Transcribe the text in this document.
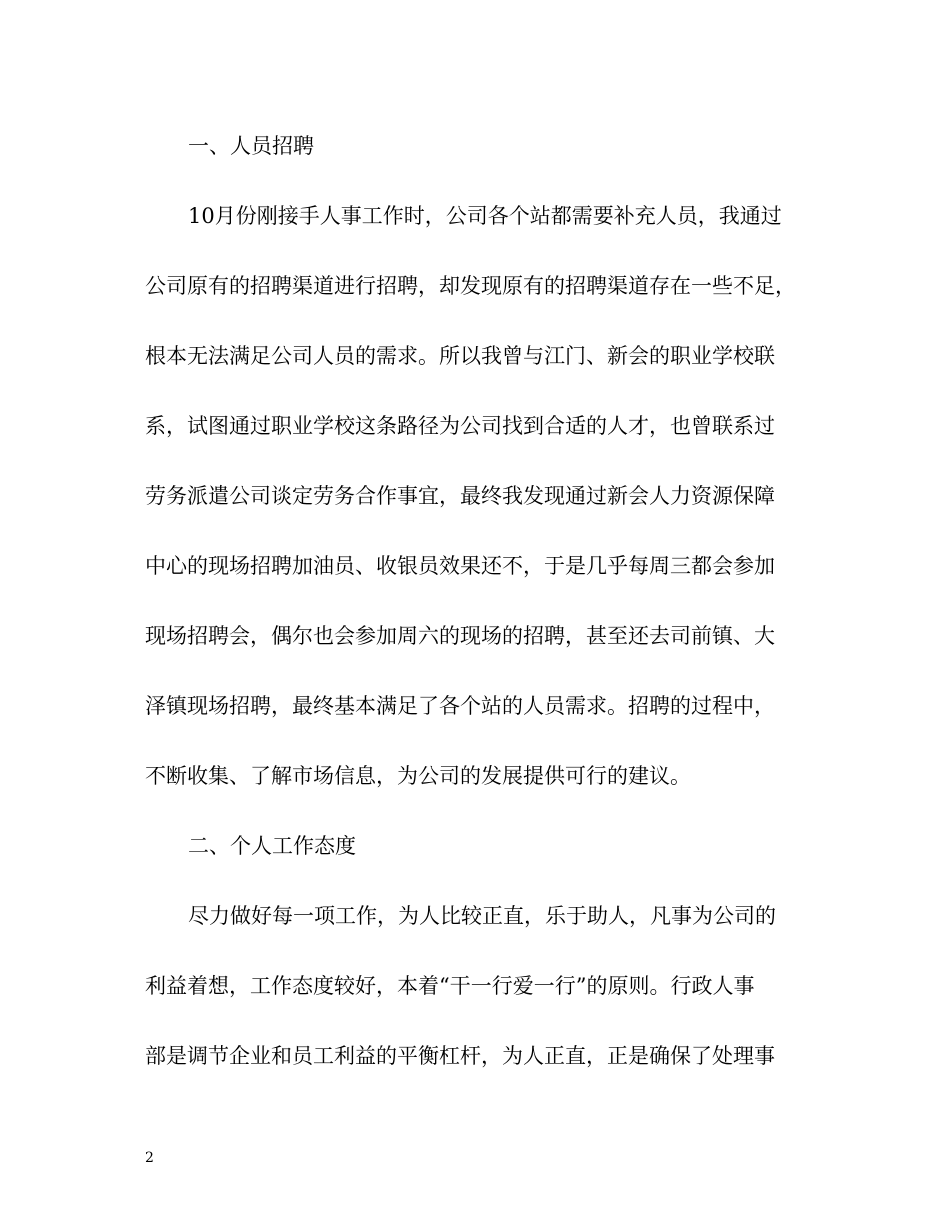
一、人员招聘
10月份刚接手人事工作时，公司各个站都需要补充人员，我通过
公司原有的招聘渠道进行招聘，却发现原有的招聘渠道存在一些不足，
根本无法满足公司人员的需求。所以我曾与江门、新会的职业学校联
系，试图通过职业学校这条路径为公司找到合适的人才，也曾联系过
劳务派遣公司谈定劳务合作事宜，最终我发现通过新会人力资源保障
中心的现场招聘加油员、收银员效果还不，于是几乎每周三都会参加
现场招聘会，偶尔也会参加周六的现场的招聘，甚至还去司前镇、大
泽镇现场招聘，最终基本满足了各个站的人员需求。招聘的过程中，
不断收集、了解市场信息，为公司的发展提供可行的建议。
二、个人工作态度
尽力做好每一项工作，为人比较正直，乐于助人，凡事为公司的
利益着想，工作态度较好，本着“干一行爱一行”的原则。行政人事
部是调节企业和员工利益的平衡杠杆，为人正直，正是确保了处理事
2
